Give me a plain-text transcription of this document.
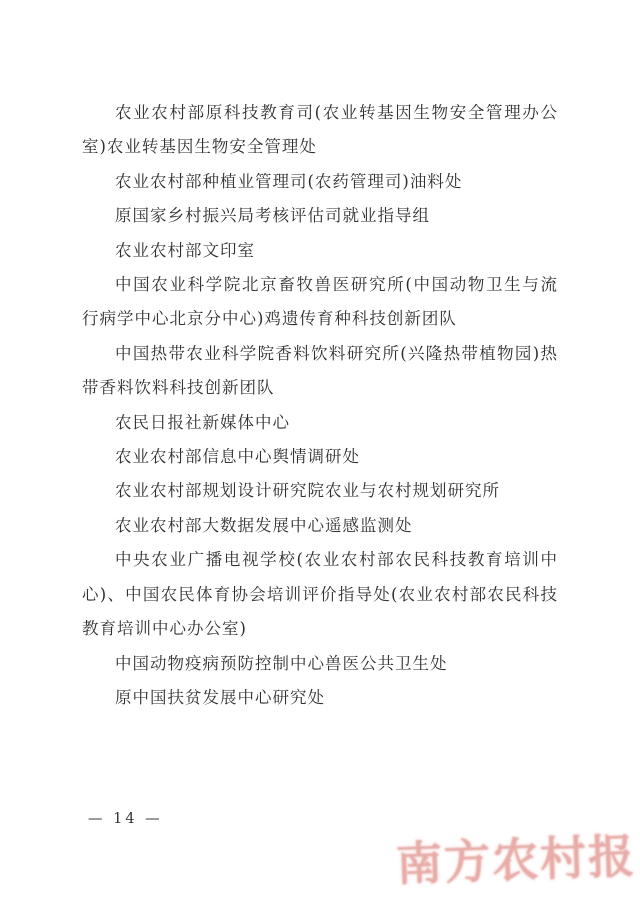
农业农村部原科技教育司(农业转基因生物安全管理办公室)农业转基因生物安全管理处

农业农村部种植业管理司(农药管理司)油料处

原国家乡村振兴局考核评估司就业指导组

农业农村部文印室

中国农业科学院北京畜牧兽医研究所(中国动物卫生与流行病学中心北京分中心)鸡遗传育种科技创新团队

中国热带农业科学院香料饮料研究所(兴隆热带植物园)热带香料饮料科技创新团队

农民日报社新媒体中心

农业农村部信息中心舆情调研处

农业农村部规划设计研究院农业与农村规划研究所

农业农村部大数据发展中心遥感监测处

中央农业广播电视学校(农业农村部农民科技教育培训中心)、中国农民体育协会培训评价指导处(农业农村部农民科技教育培训中心办公室)

中国动物疫病预防控制中心兽医公共卫生处

原中国扶贫发展中心研究处

— 14 —
南方农村报
